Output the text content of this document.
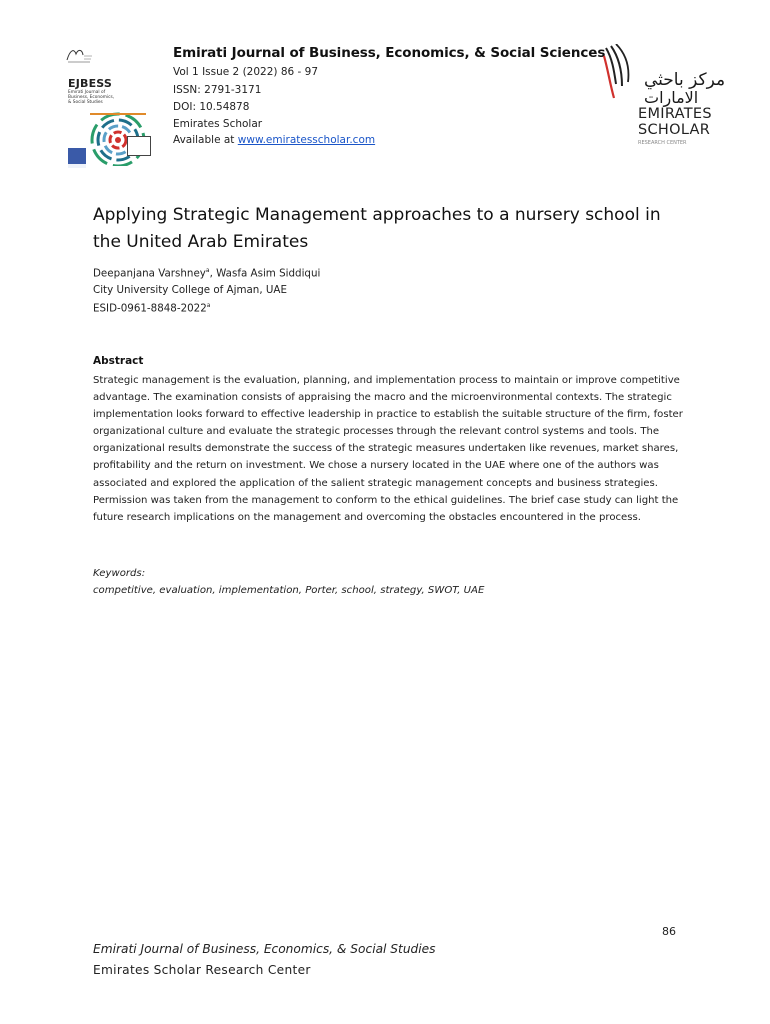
EJBESS
Emirati Journal of Business, Economics, & Social Studies
Emirati Journal of Business, Economics, & Social Sciences
Vol 1 Issue 2 (2022) 86 - 97
ISSN: 2791-3171
DOI: 10.54878
Emirates Scholar
Available at www.emiratesscholar.com
مركز باحثي
الامارات
EMIRATES
SCHOLAR
RESEARCH CENTER
Applying Strategic Management approaches to a nursery school in the United Arab Emirates
Deepanjana Varshney$^a$, Wasfa Asim Siddiqui
City University College of Ajman, UAE
ESID-0961-8848-2022$^a$
Abstract

Strategic management is the evaluation, planning, and implementation process to maintain or improve competitive advantage. The examination consists of appraising the macro and the microenvironmental contexts. The strategic implementation looks forward to effective leadership in practice to establish the suitable structure of the firm, foster organizational culture and evaluate the strategic processes through the relevant control systems and tools. The organizational results demonstrate the success of the strategic measures undertaken like revenues, market shares, profitability and the return on investment. We chose a nursery located in the UAE where one of the authors was associated and explored the application of the salient strategic management concepts and business strategies. Permission was taken from the management to conform to the ethical guidelines. The brief case study can light the future research implications on the management and overcoming the obstacles encountered in the process.

Keywords:
competitive, evaluation, implementation, Porter, school, strategy, SWOT, UAE
86
Emirati Journal of Business, Economics, & Social Studies
Emirates Scholar Research Center
